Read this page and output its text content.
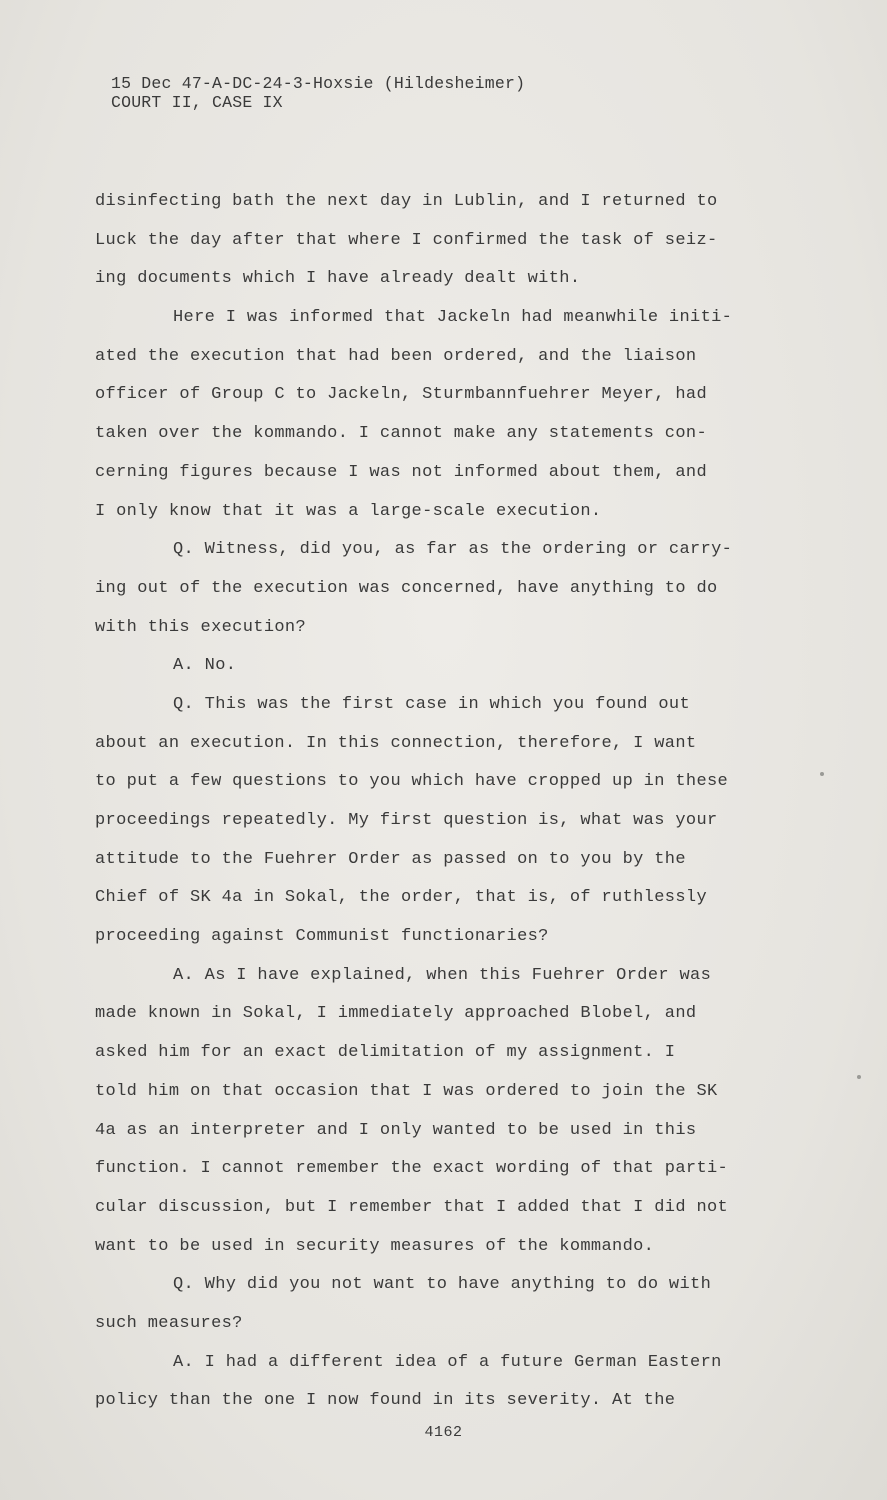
15 Dec 47-A-DC-24-3-Hoxsie (Hildesheimer)
COURT II, CASE IX
disinfecting bath the next day in Lublin, and I returned to
Luck the day after that where I confirmed the task of seiz-
ing documents which I have already dealt with.
Here I was informed that Jackeln had meanwhile initi-
ated the execution that had been ordered, and the liaison
officer of Group C to Jackeln, Sturmbannfuehrer Meyer, had
taken over the kommando. I cannot make any statements con-
cerning figures because I was not informed about them, and
I only know that it was a large-scale execution.
Q. Witness, did you, as far as the ordering or carry-
ing out of the execution was concerned, have anything to do
with this execution?
A. No.
Q. This was the first case in which you found out
about an execution. In this connection, therefore, I want
to put a few questions to you which have cropped up in these
proceedings repeatedly. My first question is, what was your
attitude to the Fuehrer Order as passed on to you by the
Chief of SK 4a in Sokal, the order, that is, of ruthlessly
proceeding against Communist functionaries?
A. As I have explained, when this Fuehrer Order was
made known in Sokal, I immediately approached Blobel, and
asked him for an exact delimitation of my assignment. I
told him on that occasion that I was ordered to join the SK
4a as an interpreter and I only wanted to be used in this
function. I cannot remember the exact wording of that parti-
cular discussion, but I remember that I added that I did not
want to be used in security measures of the kommando.
Q. Why did you not want to have anything to do with
such measures?
A. I had a different idea of a future German Eastern
policy than the one I now found in its severity. At the
4162
